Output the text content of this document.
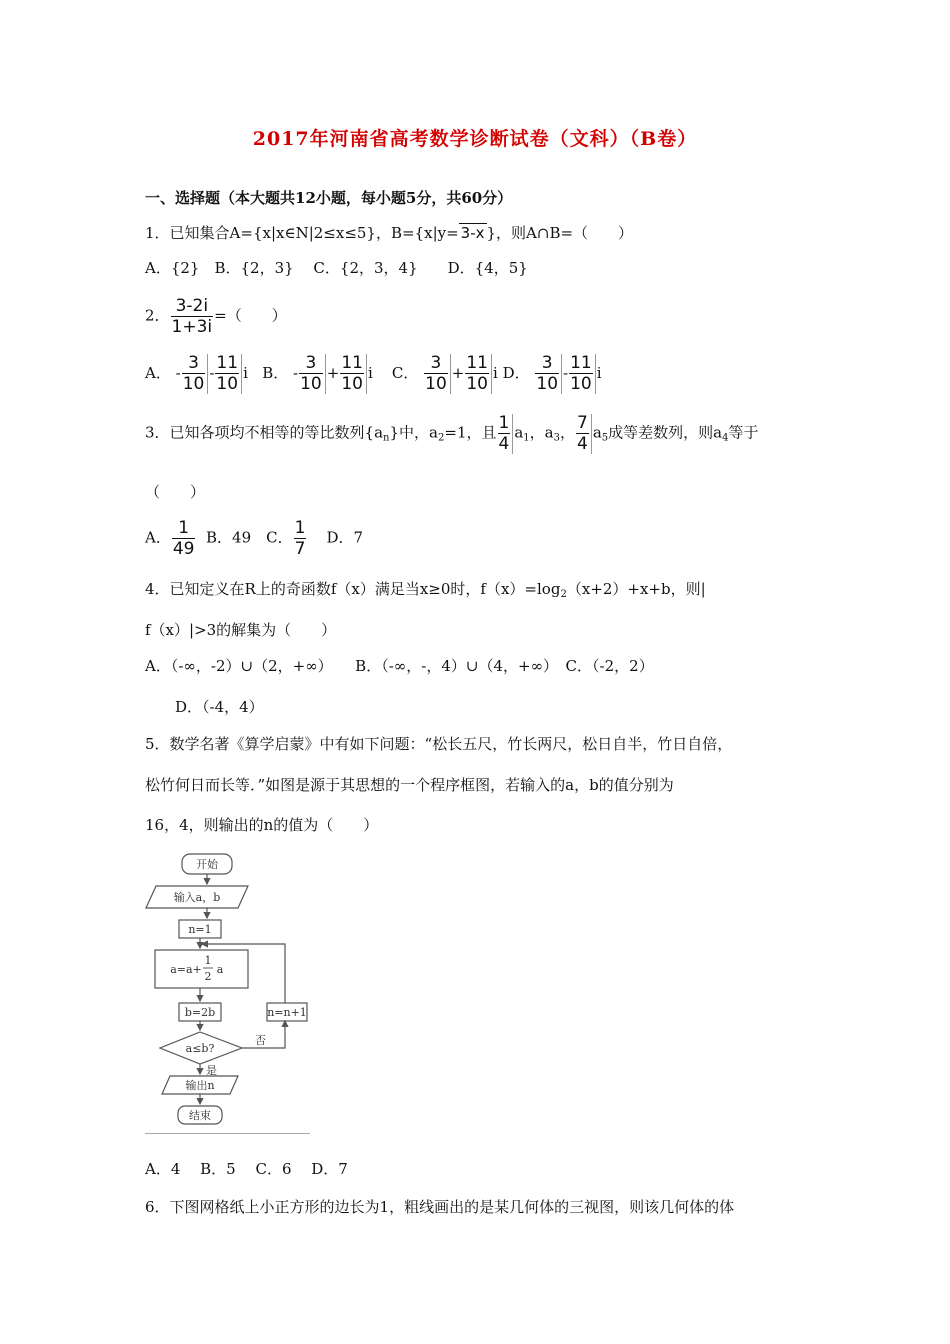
2017年河南省高考数学诊断试卷（文科）（B卷）
一、选择题（本大题共12小题，每小题5分，共60分）
1．已知集合A={x|x∈N|2≤x≤5}，B={x|y= 3-x }，则A∩B=（　　）
A．{2}　B．{2，3}　 C．{2，3，4}　　D．{4，5}
2． $\frac{3-2i}{1+3i}$ =（　　）
A． - $\frac{3}{10} - \frac{11}{10}$ i B． - $\frac{3}{10} + \frac{11}{10}$ i C． $\frac{3}{10} + \frac{11}{10}$ i D． $\frac{3}{10} - \frac{11}{10}$ i
3．已知各项均不相等的等比数列$\{a_n\}$中，$a_2=1$，且 $\frac{1}{4} a_1$，$a_3$， $\frac{7}{4} a_5$成等差数列，则$a_4$等于
（　　）
A． $\frac{1}{49}$ B．49　C． $\frac{1}{7}$ D．7
4．已知定义在R上的奇函数f（x）满足当x≥0时，$f(x)=\log_2(x+2)+x+b$，则|
f（x）|>3的解集为（　　）
A．（-∞，-2）∪（2，+∞）　　B．（-∞，-，4）∪（4，+∞）　C．（-2，2）
D．（-4，4）
5．数学名著《算学启蒙》中有如下问题：“松长五尺，竹长两尺，松日自半，竹日自倍，
松竹何日而长等．”如图是源于其思想的一个程序框图，若输入的a，b的值分别为
16，4，则输出的n的值为（　　）
开始
输入a，b
n=1
a=a+
1
2
a
b=2b
a≤b?
是
否
n=n+1
输出n
结束
A．4　 B．5　 C．6　 D．7
6．下图网格纸上小正方形的边长为1，粗线画出的是某几何体的三视图，则该几何体的体
